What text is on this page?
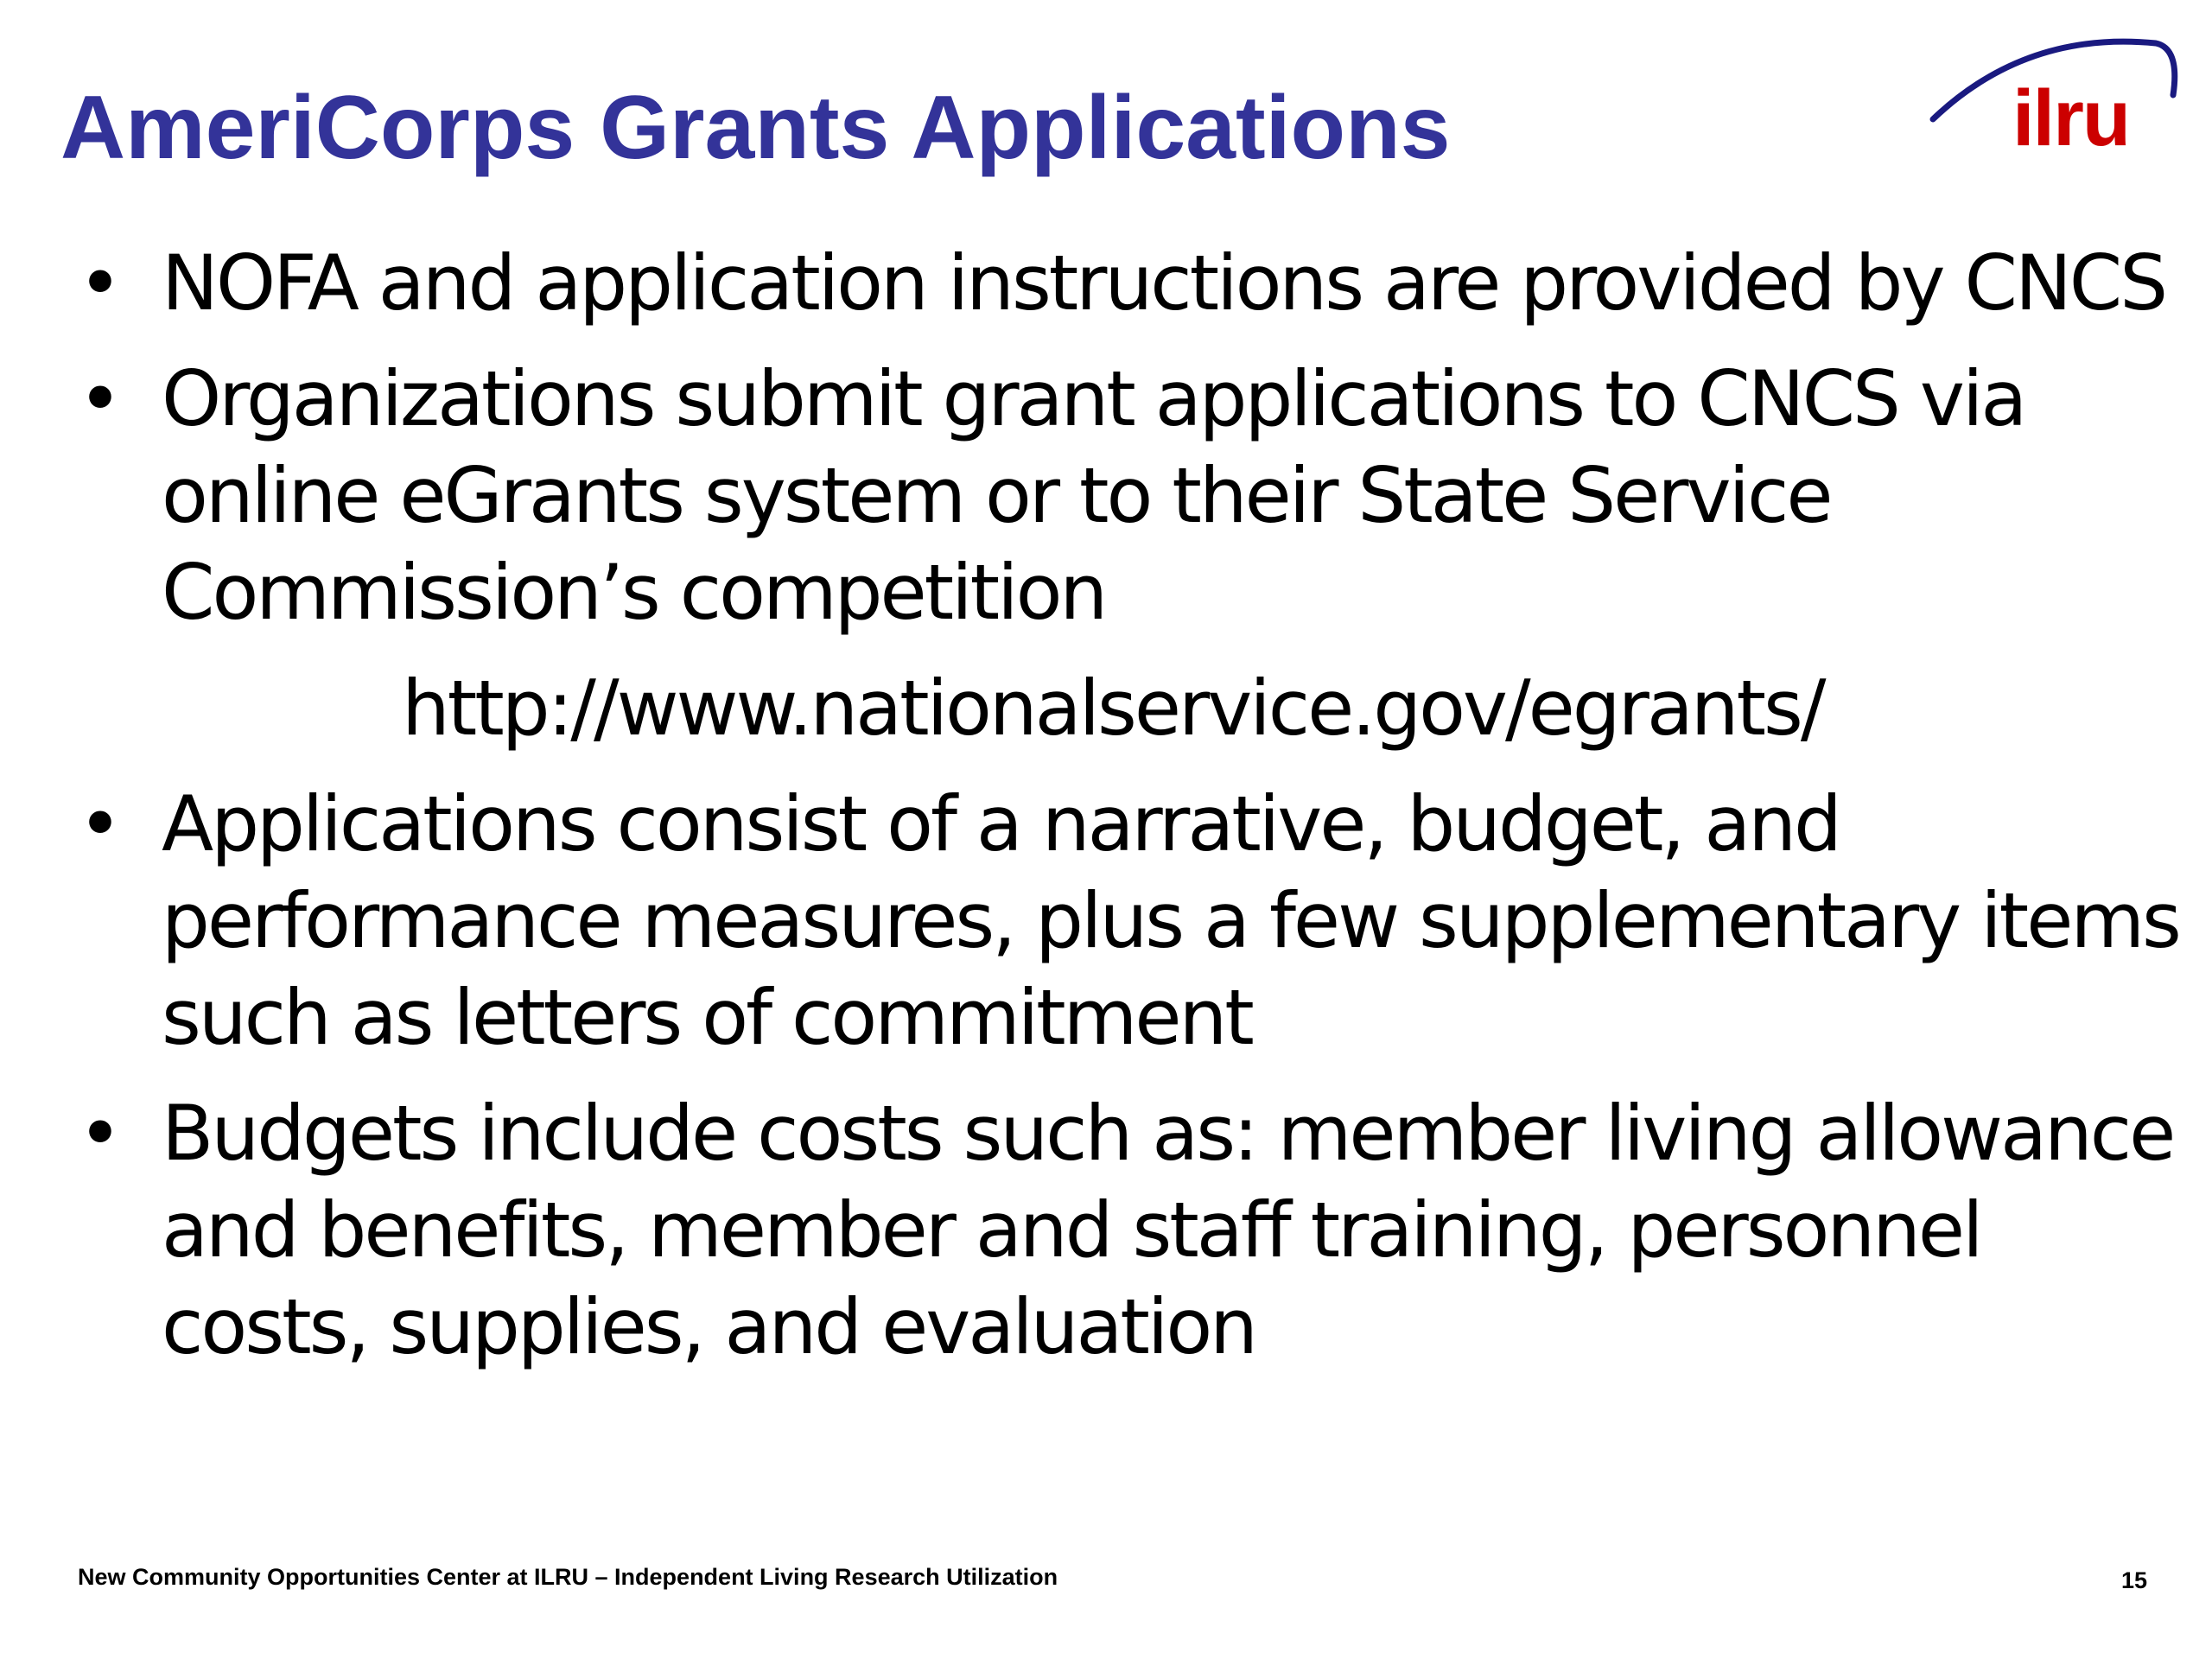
AmeriCorps Grants Applications	ilru
• NOFA and application instructions are provided by CNCS
• Organizations submit grant applications to CNCS via online eGrants system or to their State Service Commission’s competition
http://www.nationalservice.gov/egrants/
• Applications consist of a narrative, budget, and performance measures, plus a few supplementary items such as letters of commitment
• Budgets include costs such as: member living allowance and benefits, member and staff training, personnel costs, supplies, and evaluation
New Community Opportunities Center at ILRU – Independent Living Research Utilization	15
